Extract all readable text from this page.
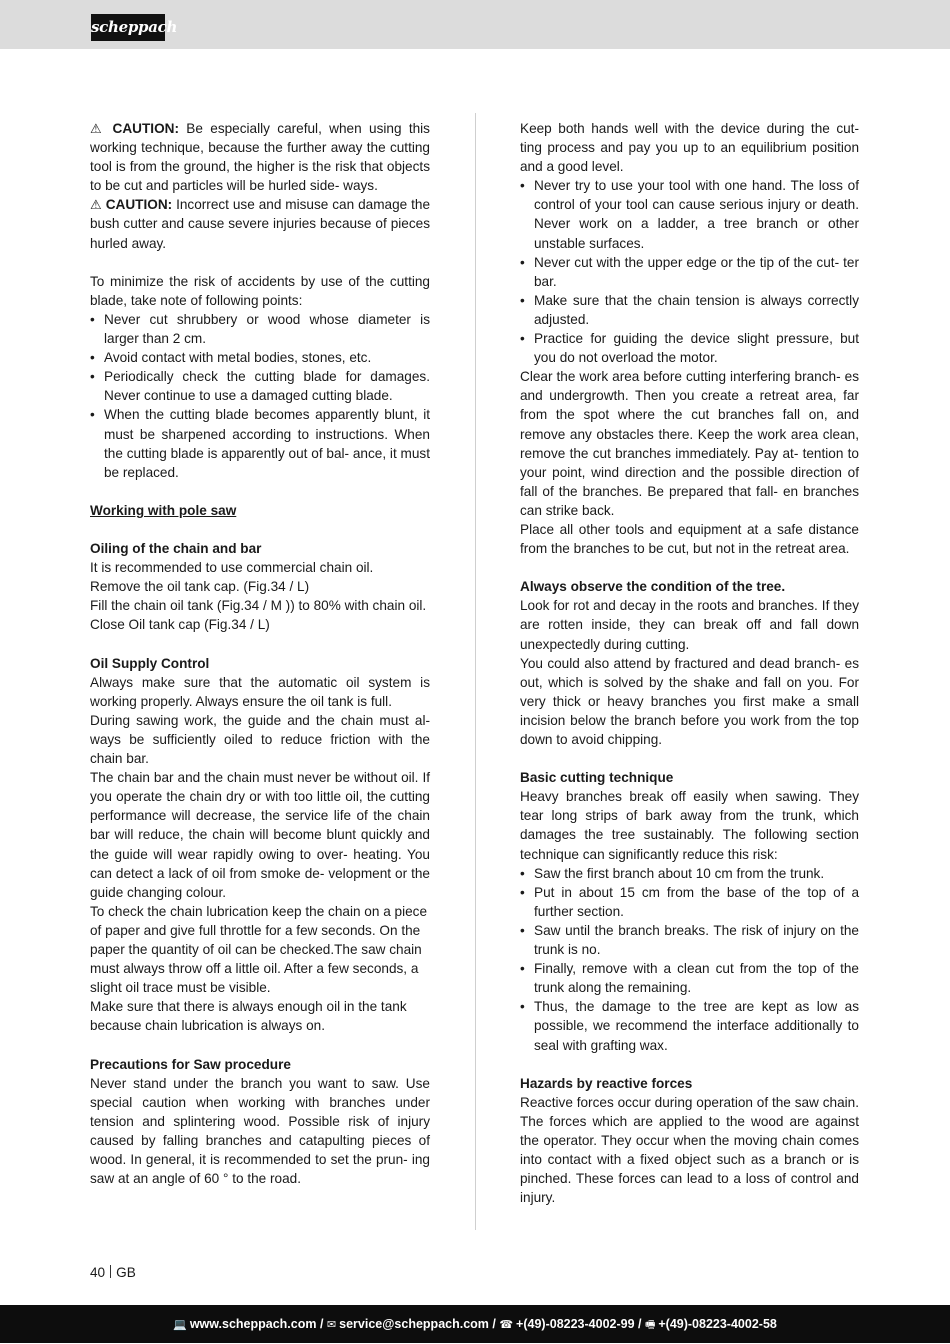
scheppach

⚠ CAUTION: Be especially careful, when using this working technique, because the further away the cutting tool is from the ground, the higher is the risk that objects to be cut and particles will be hurled side- ways.

⚠ CAUTION: Incorrect use and misuse can damage the bush cutter and cause severe injuries because of pieces hurled away.

To minimize the risk of accidents by use of the cutting blade, take note of following points:

• Never cut shrubbery or wood whose diameter is larger than 2 cm.
• Avoid contact with metal bodies, stones, etc.
• Periodically check the cutting blade for damages. Never continue to use a damaged cutting blade.
• When the cutting blade becomes apparently blunt, it must be sharpened according to instructions. When the cutting blade is apparently out of bal- ance, it must be replaced.

Working with pole saw

Oiling of the chain and bar

It is recommended to use commercial chain oil.

Remove the oil tank cap. (Fig.34 / L)

Fill the chain oil tank (Fig.34 / M )) to 80% with chain oil.

Close Oil tank cap (Fig.34 / L)

Oil Supply Control

Always make sure that the automatic oil system is working properly. Always ensure the oil tank is full.

During sawing work, the guide and the chain must al- ways be sufficiently oiled to reduce friction with the chain bar.

The chain bar and the chain must never be without oil. If you operate the chain dry or with too little oil, the cutting performance will decrease, the service life of the chain bar will reduce, the chain will become blunt quickly and the guide will wear rapidly owing to over- heating. You can detect a lack of oil from smoke de- velopment or the guide changing colour.

To check the chain lubrication keep the chain on a piece of paper and give full throttle for a few seconds. On the paper the quantity of oil can be checked.The saw chain must always throw off a little oil. After a few seconds, a slight oil trace must be visible.

Make sure that there is always enough oil in the tank because chain lubrication is always on.

Precautions for Saw procedure

Never stand under the branch you want to saw. Use special caution when working with branches under tension and splintering wood. Possible risk of injury caused by falling branches and catapulting pieces of wood. In general, it is recommended to set the prun- ing saw at an angle of 60 ° to the road.

Keep both hands well with the device during the cut- ting process and pay you up to an equilibrium position and a good level.

• Never try to use your tool with one hand. The loss of control of your tool can cause serious injury or death. Never work on a ladder, a tree branch or other unstable surfaces.
• Never cut with the upper edge or the tip of the cut- ter bar.
• Make sure that the chain tension is always correctly adjusted.
• Practice for guiding the device slight pressure, but you do not overload the motor.

Clear the work area before cutting interfering branch- es and undergrowth. Then you create a retreat area, far from the spot where the cut branches fall on, and remove any obstacles there. Keep the work area clean, remove the cut branches immediately. Pay at- tention to your point, wind direction and the possible direction of fall of the branches. Be prepared that fall- en branches can strike back.

Place all other tools and equipment at a safe distance from the branches to be cut, but not in the retreat area.

Always observe the condition of the tree.

Look for rot and decay in the roots and branches. If they are rotten inside, they can break off and fall down unexpectedly during cutting.

You could also attend by fractured and dead branch- es out, which is solved by the shake and fall on you. For very thick or heavy branches you first make a small incision below the branch before you work from the top down to avoid chipping.

Basic cutting technique

Heavy branches break off easily when sawing. They tear long strips of bark away from the trunk, which damages the tree sustainably. The following section technique can significantly reduce this risk:

• Saw the first branch about 10 cm from the trunk.
• Put in about 15 cm from the base of the top of a further section.
• Saw until the branch breaks. The risk of injury on the trunk is no.
• Finally, remove with a clean cut from the top of the trunk along the remaining.
• Thus, the damage to the tree are kept as low as possible, we recommend the interface additionally to seal with grafting wax.

Hazards by reactive forces

Reactive forces occur during operation of the saw chain. The forces which are applied to the wood are against the operator. They occur when the moving chain comes into contact with a fixed object such as a branch or is pinched. These forces can lead to a loss of control and injury.

40 GB
💻 www.scheppach.com / ✉ service@scheppach.com / ☎ +(49)-08223-4002-99 / 🖷 +(49)-08223-4002-58
